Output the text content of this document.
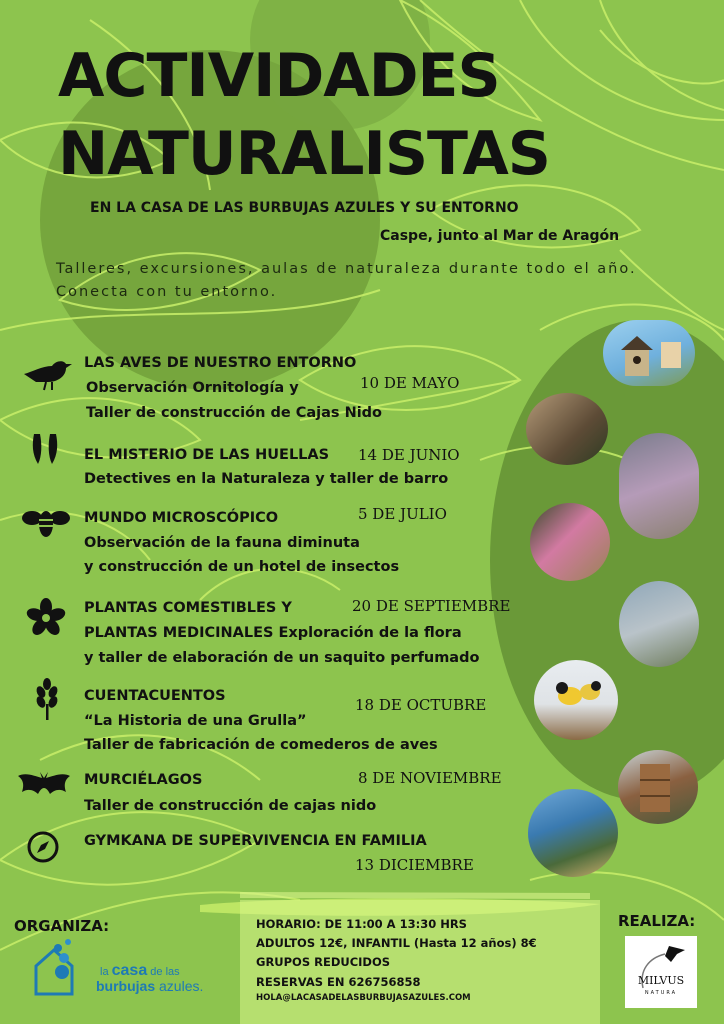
ACTIVIDADES
NATURALISTAS
EN LA CASA DE LAS BURBUJAS AZULES Y SU ENTORNO
Caspe, junto al Mar de Aragón
Talleres, excursiones, aulas de naturaleza durante todo el año. Conecta con tu entorno.
LAS AVES DE NUESTRO ENTORNO
10 DE MAYO
Observación Ornitología y
Taller de construcción de Cajas Nido
EL MISTERIO DE LAS HUELLAS 14 DE JUNIO
Detectives en la Naturaleza y taller de barro
MUNDO MICROSCÓPICO	5 DE JULIO
Observación de la fauna diminuta
y construcción de un hotel de insectos
PLANTAS COMESTIBLES Y	20 DE SEPTIEMBRE
PLANTAS MEDICINALES Exploración de la flora
y taller de elaboración de un saquito perfumado
CUENTACUENTOS	18 DE OCTUBRE
“La Historia de una Grulla”
Taller de fabricación de comederos de aves
MURCIÉLAGOS	8 DE NOVIEMBRE
Taller de construcción de cajas nido
GYMKANA DE SUPERVIVENCIA EN FAMILIA
13 DICIEMBRE
ORGANIZA:	REALIZA:
la casa de las
burbujas azules.
HORARIO: DE 11:00 A 13:30 HRS
ADULTOS 12€, INFANTIL (Hasta 12 años) 8€
GRUPOS REDUCIDOS
RESERVAS EN 626756858
HOLA@LACASADELASBURBUJASAZULES.COM
MILVUS
NATURA
